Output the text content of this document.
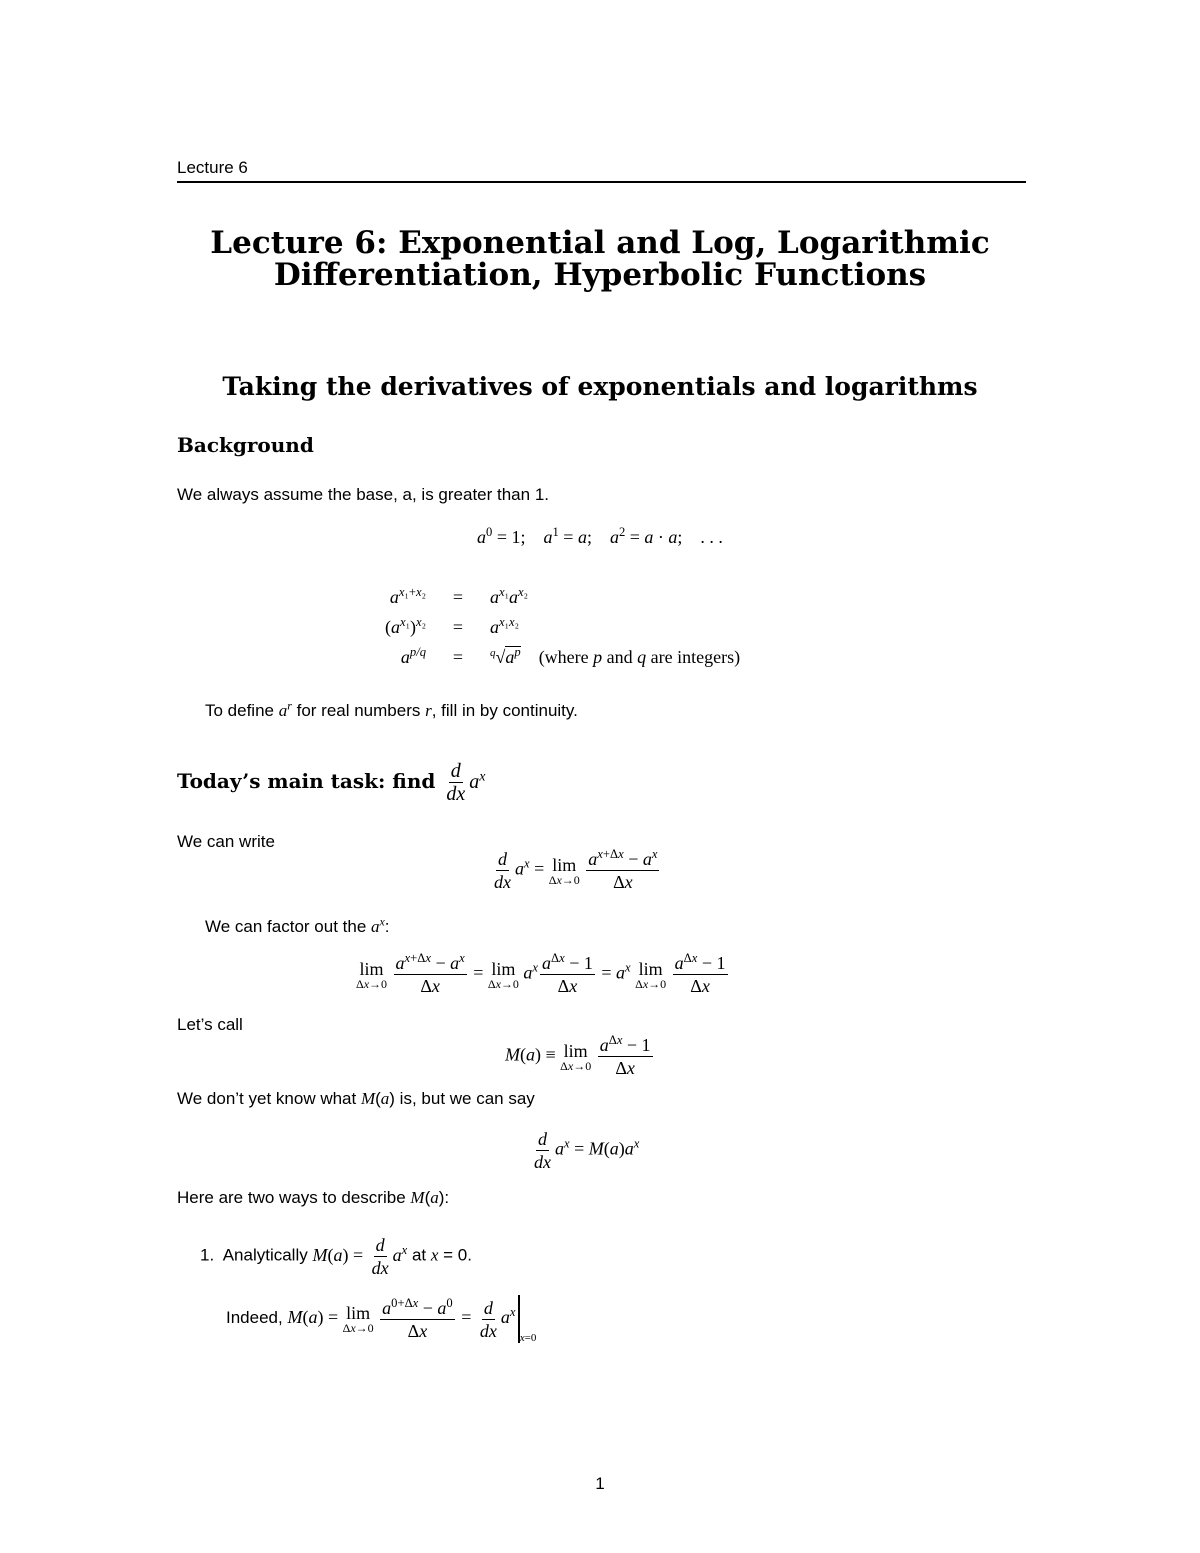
Lecture 6
Lecture 6: Exponential and Log, Logarithmic
Differentiation, Hyperbolic Functions
Taking the derivatives of exponentials and logarithms
Background
We always assume the base, a, is greater than 1.
$a^0 = 1$;    $a^1 = a$;    $a^2 = a \cdot a$;    . . .
$a^{x_1+x_2}$	=	$a^{x_1}a^{x_2}$
$(a^{x_1})^{x_2}$	=	$a^{x_1x_2}$
$a^{p/q}$	=	$^q√a^p$    (where p and q are integers)
To define $a^r$ for real numbers r, fill in by continuity.
Today’s main task: find $\frac{d}{dx} a^x$
We can write
$\frac{d}{dx} a^x = \lim$
Δx→0
$\frac{a^{x+\Delta x} - a^x}{\Delta x}$
We can factor out the $a^x$:
lim
Δx→0
$\frac{a^{x+\Delta x} - a^x}{\Delta x} = \lim$
Δx→0
$a^x \frac{a^{\Delta x} - 1}{\Delta x} = a^x$ lim
Δx→0
$\frac{a^{\Delta x} - 1}{\Delta x}$
Let’s call
M(a) ≡ lim
Δx→0
$\frac{a^{\Delta x} - 1}{\Delta x}$
We don’t yet know what M(a) is, but we can say
$\frac{d}{dx} a^x = M(a)a^x$
Here are two ways to describe M(a):
1. Analytically $M(a) = \frac{d}{dx} a^x$ at x = 0.
Indeed, M(a) = lim
Δx→0
$\frac{a^{0+\Delta x} - a^0}{\Delta x} = \frac{d}{dx} a^x_{x=0}$
1
